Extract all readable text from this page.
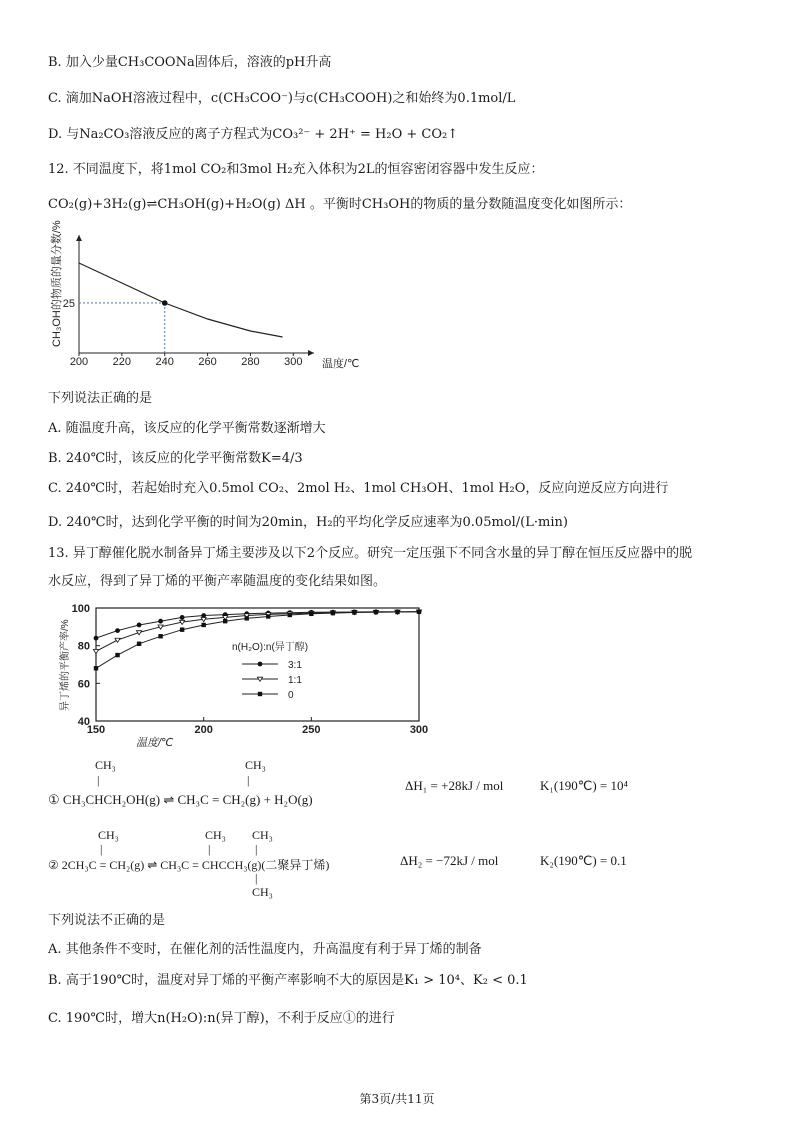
B. 加入少量CH₃COONa固体后，溶液的pH升高
C. 滴加NaOH溶液过程中，c(CH₃COO⁻)与c(CH₃COOH)之和始终为0.1mol/L
D. 与Na₂CO₃溶液反应的离子方程式为CO₃²⁻ + 2H⁺ = H₂O + CO₂↑
12. 不同温度下，将1mol CO₂和3mol H₂充入体积为2L的恒容密闭容器中发生反应：
CO₂(g)+3H₂(g)⇌CH₃OH(g)+H₂O(g) ΔH 。平衡时CH₃OH的物质的量分数随温度变化如图所示：
200 220 240 260 280 300
25
温度/℃
CH₃OH的物质的量分数/%
下列说法正确的是
A. 随温度升高，该反应的化学平衡常数逐渐增大
B. 240℃时，该反应的化学平衡常数K=4/3
C. 240℃时，若起始时充入0.5mol CO₂、2mol H₂、1mol CH₃OH、1mol H₂O，反应向逆反应方向进行
D. 240℃时，达到化学平衡的时间为20min，H₂的平均化学反应速率为0.05mol/(L·min)
13. 异丁醇催化脱水制备异丁烯主要涉及以下2个反应。研究一定压强下不同含水量的异丁醇在恒压反应器中的脱
水反应，得到了异丁烯的平衡产率随温度的变化结果如图。
150	200	250	300
40
60
80
100
n(H₂O):n(异丁醇)
3:1
1:1
0
温度/℃
异丁烯的平衡产率/%
CH₃	CH₃
|	|
① CH₃CHCH₂OH(g) ⇌ CH₃C = CH₂(g) + H₂O(g)
ΔH₁ = +28kJ / mol	K₁(190℃) = 10⁴
CH₃	CH₃ CH₃
|	|	|
② 2CH₃C = CH₂(g) ⇌ CH₃C = CHCCH₃(g)(二聚异丁烯)
|
CH₃
ΔH₂ = −72kJ / mol	K₂(190℃) = 0.1
下列说法不正确的是
A. 其他条件不变时，在催化剂的活性温度内，升高温度有利于异丁烯的制备
B. 高于190℃时，温度对异丁烯的平衡产率影响不大的原因是K₁ > 10⁴、K₂ < 0.1
C. 190℃时，增大n(H₂O):n(异丁醇)，不利于反应①的进行
第3页/共11页
